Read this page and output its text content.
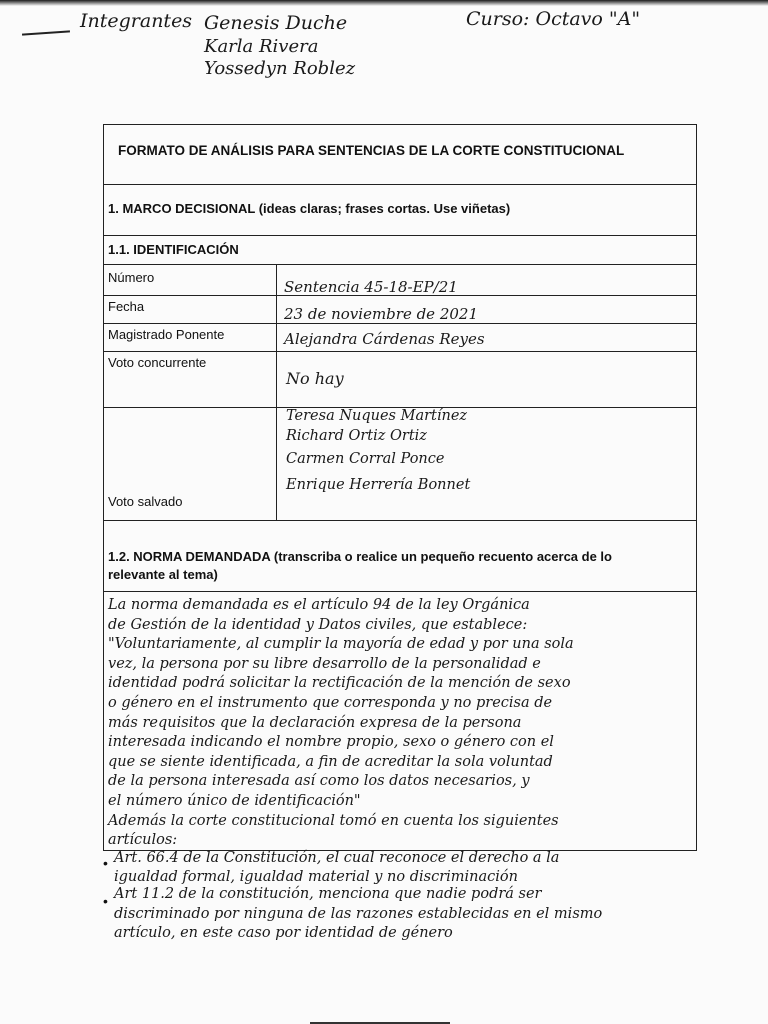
Integrantes Genesis Duche
Karla Rivera
Yossedyn Roblez
Curso: Octavo "A"
FORMATO DE ANÁLISIS PARA SENTENCIAS DE LA CORTE CONSTITUCIONAL
1. MARCO DECISIONAL (ideas claras; frases cortas. Use viñetas)
1.1. IDENTIFICACIÓN
Número
Sentencia 45-18-EP/21
Fecha	23 de noviembre de 2021
Magistrado Ponente	Alejandra Cárdenas Reyes
Voto concurrente
No hay
Voto salvado
Teresa Nuques Martínez
Richard Ortiz Ortiz
Carmen Corral Ponce
Enrique Herrería Bonnet
1.2. NORMA DEMANDADA (transcriba o realice un pequeño recuento acerca de lo
relevante al tema)
La norma demandada es el artículo 94 de la ley Orgánica
de Gestión de la identidad y Datos civiles, que establece:
"Voluntariamente, al cumplir la mayoría de edad y por una sola
vez, la persona por su libre desarrollo de la personalidad e
identidad podrá solicitar la rectificación de la mención de sexo
o género en el instrumento que corresponda y no precisa de
más requisitos que la declaración expresa de la persona
interesada indicando el nombre propio, sexo o género con el
que se siente identificada, a fin de acreditar la sola voluntad
de la persona interesada así como los datos necesarios, y
el número único de identificación"
Además la corte constitucional tomó en cuenta los siguientes
artículos:
• Art. 66.4 de la Constitución, el cual reconoce el derecho a la
igualdad formal, igualdad material y no discriminación
• Art 11.2 de la constitución, menciona que nadie podrá ser
discriminado por ninguna de las razones establecidas en el mismo
artículo, en este caso por identidad de género
